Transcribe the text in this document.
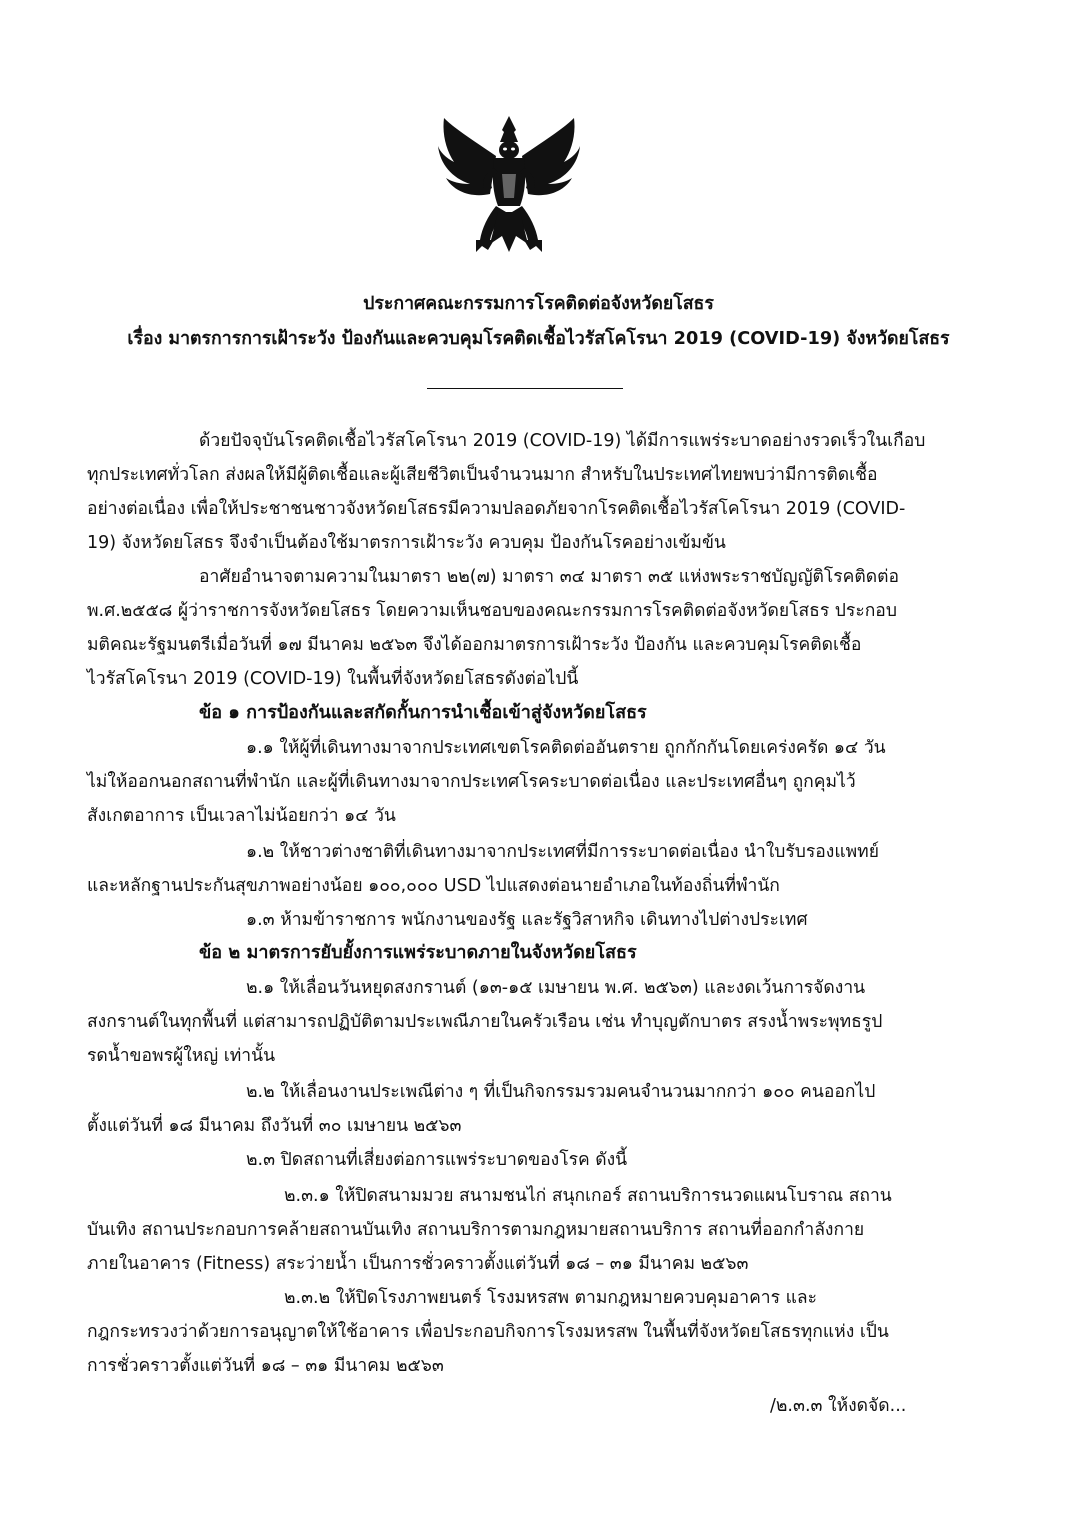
ประกาศคณะกรรมการโรคติดต่อจังหวัดยโสธร
เรื่อง มาตรการการเฝ้าระวัง ป้องกันและควบคุมโรคติดเชื้อไวรัสโคโรนา 2019 (COVID-19) จังหวัดยโสธร
ด้วยปัจจุบันโรคติดเชื้อไวรัสโคโรนา 2019 (COVID-19) ได้มีการแพร่ระบาดอย่างรวดเร็วในเกือบ
ทุกประเทศทั่วโลก ส่งผลให้มีผู้ติดเชื้อและผู้เสียชีวิตเป็นจำนวนมาก สำหรับในประเทศไทยพบว่ามีการติดเชื้อ
อย่างต่อเนื่อง เพื่อให้ประชาชนชาวจังหวัดยโสธรมีความปลอดภัยจากโรคติดเชื้อไวรัสโคโรนา 2019 (COVID-
19) จังหวัดยโสธร จึงจำเป็นต้องใช้มาตรการเฝ้าระวัง ควบคุม ป้องกันโรคอย่างเข้มข้น
อาศัยอำนาจตามความในมาตรา ๒๒(๗) มาตรา ๓๔ มาตรา ๓๕ แห่งพระราชบัญญัติโรคติดต่อ
พ.ศ.๒๕๕๘ ผู้ว่าราชการจังหวัดยโสธร โดยความเห็นชอบของคณะกรรมการโรคติดต่อจังหวัดยโสธร ประกอบ
มติคณะรัฐมนตรีเมื่อวันที่ ๑๗ มีนาคม ๒๕๖๓ จึงได้ออกมาตรการเฝ้าระวัง ป้องกัน และควบคุมโรคติดเชื้อ
ไวรัสโคโรนา 2019 (COVID-19) ในพื้นที่จังหวัดยโสธรดังต่อไปนี้
ข้อ ๑ การป้องกันและสกัดกั้นการนำเชื้อเข้าสู่จังหวัดยโสธร
๑.๑ ให้ผู้ที่เดินทางมาจากประเทศเขตโรคติดต่ออันตราย ถูกกักกันโดยเคร่งครัด ๑๔ วัน
ไม่ให้ออกนอกสถานที่พำนัก และผู้ที่เดินทางมาจากประเทศโรคระบาดต่อเนื่อง และประเทศอื่นๆ ถูกคุมไว้
สังเกตอาการ เป็นเวลาไม่น้อยกว่า ๑๔ วัน
๑.๒ ให้ชาวต่างชาติที่เดินทางมาจากประเทศที่มีการระบาดต่อเนื่อง นำใบรับรองแพทย์
และหลักฐานประกันสุขภาพอย่างน้อย ๑๐๐,๐๐๐ USD ไปแสดงต่อนายอำเภอในท้องถิ่นที่พำนัก
๑.๓ ห้ามข้าราชการ พนักงานของรัฐ และรัฐวิสาหกิจ เดินทางไปต่างประเทศ
ข้อ ๒ มาตรการยับยั้งการแพร่ระบาดภายในจังหวัดยโสธร
๒.๑ ให้เลื่อนวันหยุดสงกรานต์ (๑๓-๑๕ เมษายน พ.ศ. ๒๕๖๓) และงดเว้นการจัดงาน
สงกรานต์ในทุกพื้นที่ แต่สามารถปฏิบัติตามประเพณีภายในครัวเรือน เช่น ทำบุญตักบาตร สรงน้ำพระพุทธรูป
รดน้ำขอพรผู้ใหญ่ เท่านั้น
๒.๒ ให้เลื่อนงานประเพณีต่าง ๆ ที่เป็นกิจกรรมรวมคนจำนวนมากกว่า ๑๐๐ คนออกไป
ตั้งแต่วันที่ ๑๘ มีนาคม ถึงวันที่ ๓๐ เมษายน ๒๕๖๓
๒.๓ ปิดสถานที่เสี่ยงต่อการแพร่ระบาดของโรค ดังนี้
๒.๓.๑ ให้ปิดสนามมวย สนามชนไก่ สนุกเกอร์ สถานบริการนวดแผนโบราณ สถาน
บันเทิง สถานประกอบการคล้ายสถานบันเทิง สถานบริการตามกฎหมายสถานบริการ สถานที่ออกกำลังกาย
ภายในอาคาร (Fitness) สระว่ายน้ำ เป็นการชั่วคราวตั้งแต่วันที่ ๑๘ – ๓๑ มีนาคม ๒๕๖๓
๒.๓.๒ ให้ปิดโรงภาพยนตร์ โรงมหรสพ ตามกฎหมายควบคุมอาคาร และ
กฎกระทรวงว่าด้วยการอนุญาตให้ใช้อาคาร เพื่อประกอบกิจการโรงมหรสพ ในพื้นที่จังหวัดยโสธรทุกแห่ง เป็น
การชั่วคราวตั้งแต่วันที่ ๑๘ – ๓๑ มีนาคม ๒๕๖๓
/๒.๓.๓ ให้งดจัด...
